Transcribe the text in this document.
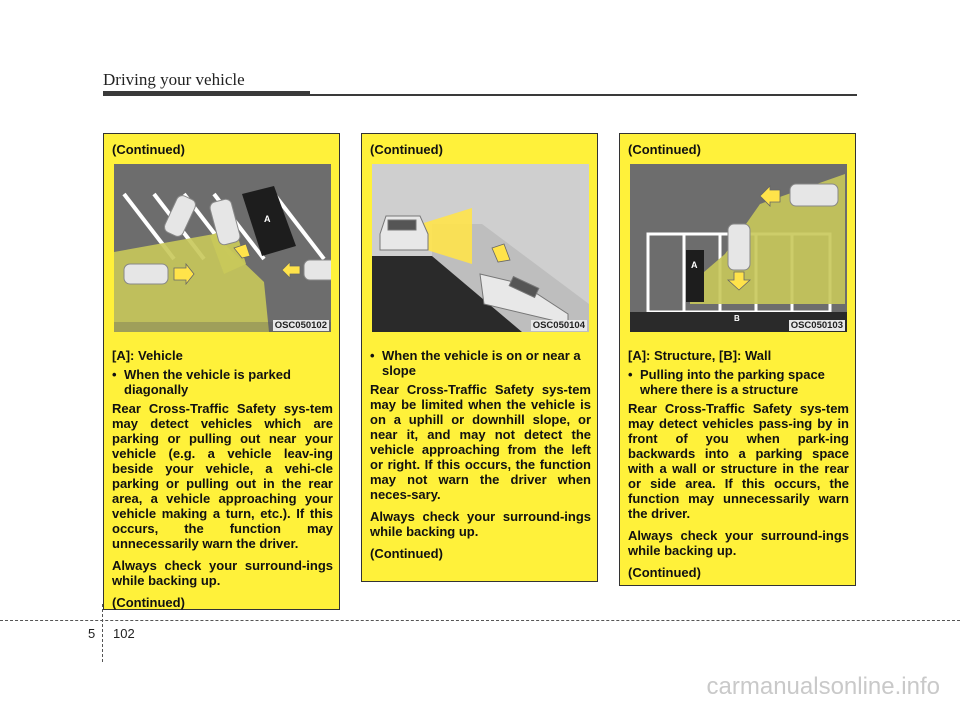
Driving your vehicle
(Continued)
A
OSC050102

[A]: Vehicle

• When the vehicle is parked diagonally

Rear Cross-Traffic Safety sys-tem may detect vehicles which are parking or pulling out near your vehicle (e.g. a vehicle leav-ing beside your vehicle, a vehi-cle parking or pulling out in the rear area, a vehicle approaching your vehicle making a turn, etc.). If this occurs, the function may unnecessarily warn the driver.

Always check your surround-ings while backing up.

(Continued)

(Continued)
OSC050104
• When the vehicle is on or near a slope

Rear Cross-Traffic Safety sys-tem may be limited when the vehicle is on a uphill or downhill slope, or near it, and may not detect the vehicle approaching from the left or right. If this occurs, the function may not warn the driver when neces-sary.

Always check your surround-ings while backing up.

(Continued)

(Continued)
A
B
OSC050103

[A]: Structure, [B]: Wall

• Pulling into the parking space where there is a structure

Rear Cross-Traffic Safety sys-tem may detect vehicles pass-ing by in front of you when park-ing backwards into a parking space with a wall or structure in the rear or side area. If this occurs, the function may unnecessarily warn the driver.

Always check your surround-ings while backing up.

(Continued)

5 102
carmanualsonline.info
